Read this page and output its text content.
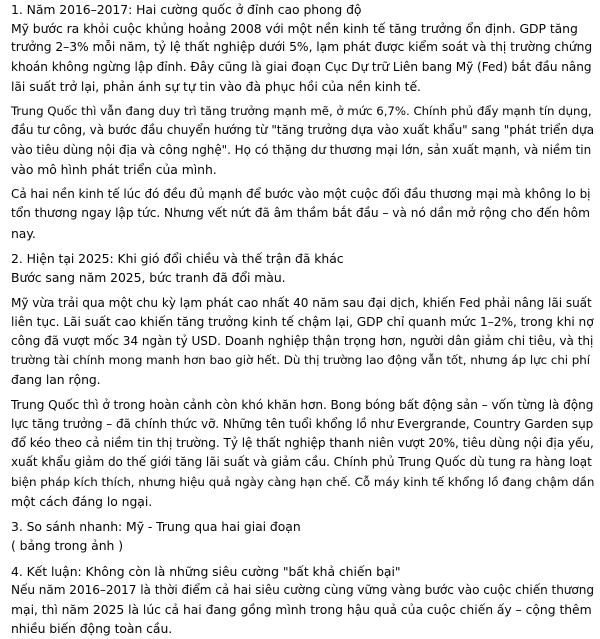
1. Năm 2016–2017: Hai cường quốc ở đỉnh cao phong độ
Mỹ bước ra khỏi cuộc khủng hoảng 2008 với một nền kinh tế tăng trưởng ổn định. GDP tăng
trưởng 2–3% mỗi năm, tỷ lệ thất nghiệp dưới 5%, lạm phát được kiểm soát và thị trường chứng
khoán không ngừng lập đỉnh. Đây cũng là giai đoạn Cục Dự trữ Liên bang Mỹ (Fed) bắt đầu nâng
lãi suất trở lại, phản ánh sự tự tin vào đà phục hồi của nền kinh tế.
Trung Quốc thì vẫn đang duy trì tăng trưởng mạnh mẽ, ở mức 6,7%. Chính phủ đẩy mạnh tín dụng,
đầu tư công, và bước đầu chuyển hướng từ "tăng trưởng dựa vào xuất khẩu" sang "phát triển dựa
vào tiêu dùng nội địa và công nghệ". Họ có thặng dư thương mại lớn, sản xuất mạnh, và niềm tin
vào mô hình phát triển của mình.
Cả hai nền kinh tế lúc đó đều đủ mạnh để bước vào một cuộc đối đầu thương mại mà không lo bị
tổn thương ngay lập tức. Nhưng vết nứt đã âm thầm bắt đầu – và nó dần mở rộng cho đến hôm
nay.
2. Hiện tại 2025: Khi gió đổi chiều và thế trận đã khác
Bước sang năm 2025, bức tranh đã đổi màu.
Mỹ vừa trải qua một chu kỳ lạm phát cao nhất 40 năm sau đại dịch, khiến Fed phải nâng lãi suất
liên tục. Lãi suất cao khiến tăng trưởng kinh tế chậm lại, GDP chỉ quanh mức 1–2%, trong khi nợ
công đã vượt mốc 34 ngàn tỷ USD. Doanh nghiệp thận trọng hơn, người dân giảm chi tiêu, và thị
trường tài chính mong manh hơn bao giờ hết. Dù thị trường lao động vẫn tốt, nhưng áp lực chi phí
đang lan rộng.
Trung Quốc thì ở trong hoàn cảnh còn khó khăn hơn. Bong bóng bất động sản – vốn từng là động
lực tăng trưởng – đã chính thức vỡ. Những tên tuổi khổng lồ như Evergrande, Country Garden sụp
đổ kéo theo cả niềm tin thị trường. Tỷ lệ thất nghiệp thanh niên vượt 20%, tiêu dùng nội địa yếu,
xuất khẩu giảm do thế giới tăng lãi suất và giảm cầu. Chính phủ Trung Quốc dù tung ra hàng loạt
biện pháp kích thích, nhưng hiệu quả ngày càng hạn chế. Cỗ máy kinh tế khổng lồ đang chậm dần
một cách đáng lo ngại.
3. So sánh nhanh: Mỹ - Trung qua hai giai đoạn
( bảng trong ảnh )
4. Kết luận: Không còn là những siêu cường "bất khả chiến bại"
Nếu năm 2016–2017 là thời điểm cả hai siêu cường cùng vững vàng bước vào cuộc chiến thương
mại, thì năm 2025 là lúc cả hai đang gồng mình trong hậu quả của cuộc chiến ấy – cộng thêm
nhiều biến động toàn cầu.
